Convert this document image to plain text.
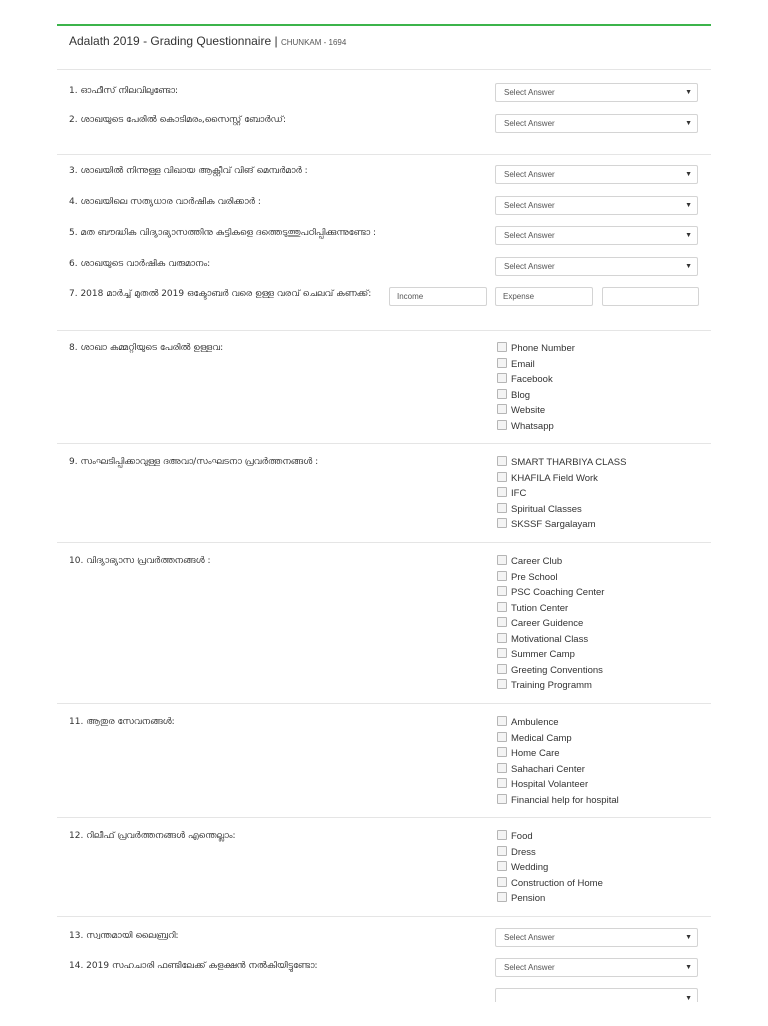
Adalath 2019 - Grading Questionnaire | CHUNKAM - 1694
1. ഓഫീസ് നിലവിലുണ്ടോ:	Select Answer	▼
2. ശാഖയുടെ പേരിൽ കൊടിമരം,സൈസ്റ്റ് ബോർഡ്:	Select Answer	▼
3. ശാഖയിൽ നിന്നുള്ള വിഖായ ആക്റ്റീവ് വിങ് മെമ്പർമാർ :	Select Answer	▼
4. ശാഖയിലെ സത്യധാര വാർഷിക വരിക്കാർ :	Select Answer	▼
5. മത ബൗദ്ധിക വിദ്യാഭ്യാസത്തിനു കുട്ടികളെ ദത്തെടുത്തുപഠിപ്പിക്കുന്നുണ്ടോ :	Select Answer	▼
6. ശാഖയുടെ വാർഷിക വരുമാനം:	Select Answer	▼
7. 2018 മാർച്ച് മുതൽ 2019 ഒക്ടോബർ വരെ ഉള്ള വരവ് ചെലവ് കണക്ക്:	Income	Expense
8. ശാഖാ കമ്മറ്റിയുടെ പേരിൽ ഉള്ളവ:	Phone Number
Email
Facebook
Blog
Website
Whatsapp
9. സംഘടിപ്പിക്കാവുള്ള ദഅവാ/സംഘടനാ പ്രവർത്തനങ്ങൾ :	SMART THARBIYA CLASS
KHAFILA Field Work
IFC
Spiritual Classes
SKSSF Sargalayam
10. വിദ്യാഭ്യാസ പ്രവർത്തനങ്ങൾ :	Career Club
Pre School
PSC Coaching Center
Tution Center
Career Guidence
Motivational Class
Summer Camp
Greeting Conventions
Training Programm
11. ആതുര സേവനങ്ങൾ:	Ambulence
Medical Camp
Home Care
Sahachari Center
Hospital Volanteer
Financial help for hospital
12. റിലീഫ് പ്രവർത്തനങ്ങൾ എന്തെല്ലാം:	Food
Dress
Wedding
Construction of Home
Pension
13. സ്വന്തമായി ലൈബ്രറി:	Select Answer	▼
14. 2019 സഹചാരി ഫണ്ടിലേക്ക് കളക്ഷൻ നൽകിയിട്ടുണ്ടോ:	Select Answer	▼
▼
